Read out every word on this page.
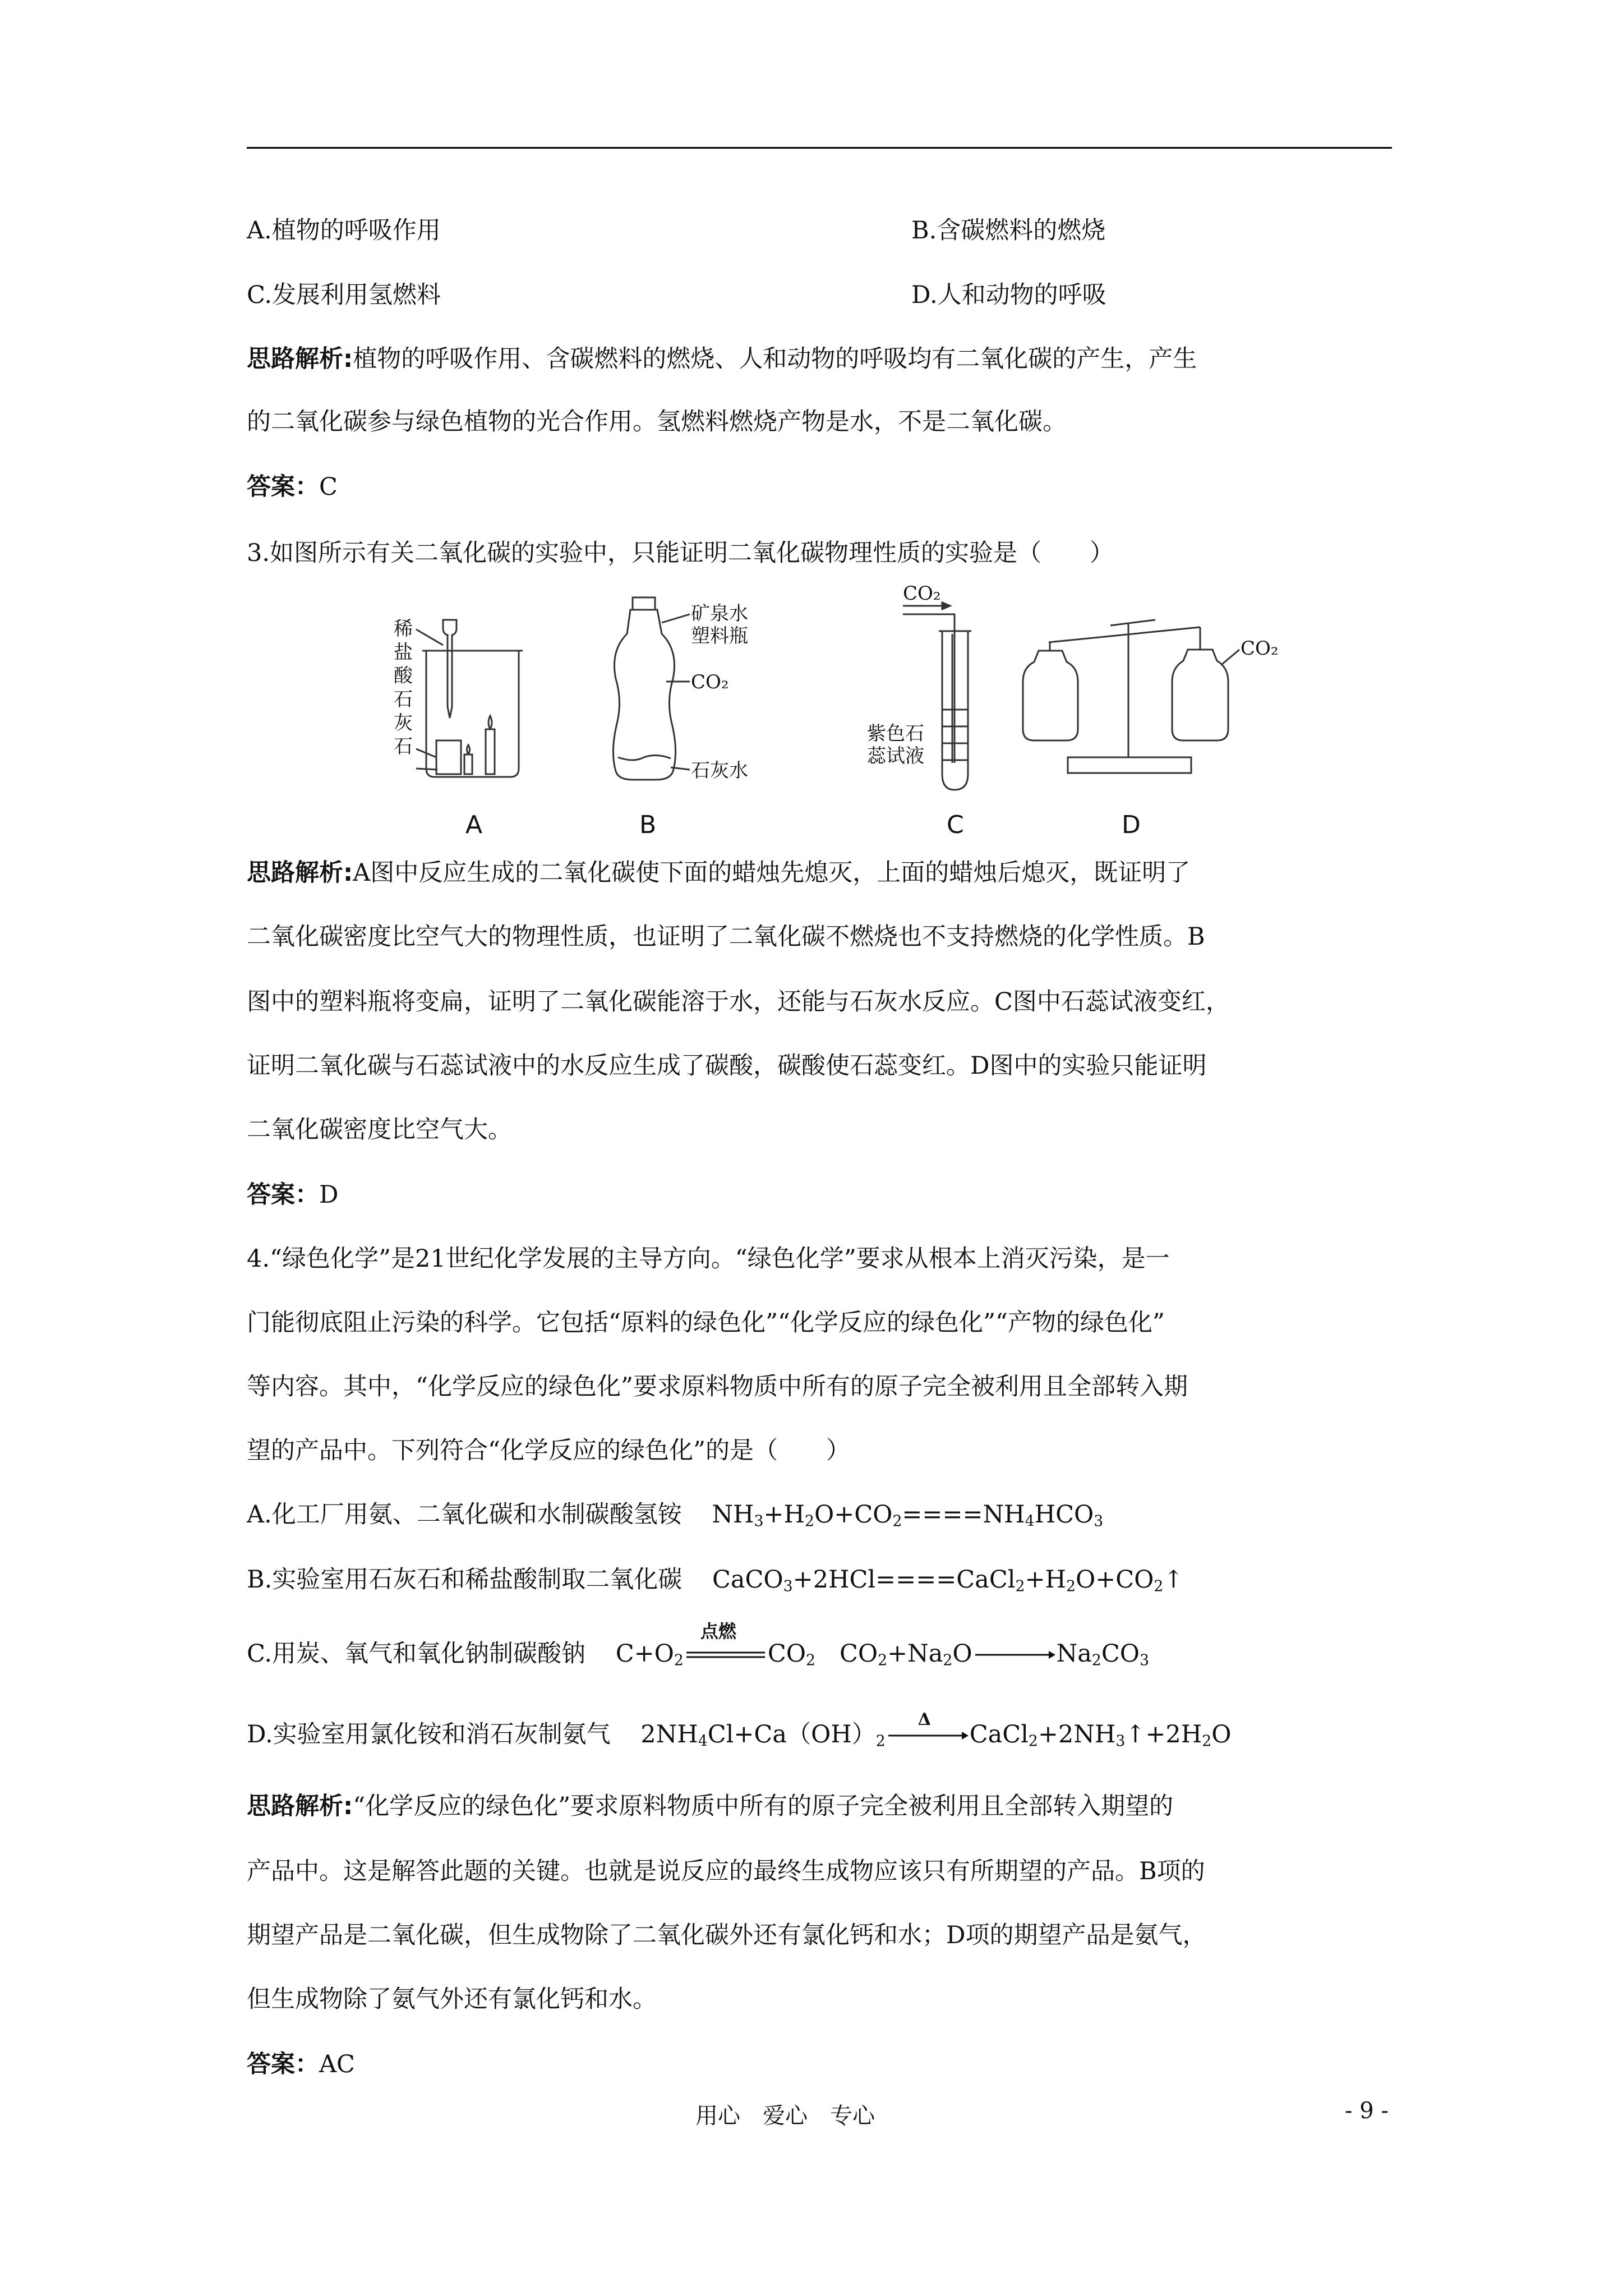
A.植物的呼吸作用	B.含碳燃料的燃烧
C.发展利用氢燃料	D.人和动物的呼吸
思路解析:植物的呼吸作用、含碳燃料的燃烧、人和动物的呼吸均有二氧化碳的产生，产生
的二氧化碳参与绿色植物的光合作用。氢燃料燃烧产物是水，不是二氧化碳。
答案：C
3.如图所示有关二氧化碳的实验中，只能证明二氧化碳物理性质的实验是（　　）
稀
盐
酸
石
灰
石
矿泉水
塑料瓶
CO₂
石灰水
CO₂
紫色石
蕊试液
CO₂
A	B	C	D
思路解析:A图中反应生成的二氧化碳使下面的蜡烛先熄灭，上面的蜡烛后熄灭，既证明了
二氧化碳密度比空气大的物理性质，也证明了二氧化碳不燃烧也不支持燃烧的化学性质。B
图中的塑料瓶将变扁，证明了二氧化碳能溶于水，还能与石灰水反应。C图中石蕊试液变红，
证明二氧化碳与石蕊试液中的水反应生成了碳酸，碳酸使石蕊变红。D图中的实验只能证明
二氧化碳密度比空气大。
答案：D
4.“绿色化学”是21世纪化学发展的主导方向。“绿色化学”要求从根本上消灭污染，是一
门能彻底阻止污染的科学。它包括“原料的绿色化”“化学反应的绿色化”“产物的绿色化”
等内容。其中，“化学反应的绿色化”要求原料物质中所有的原子完全被利用且全部转入期
望的产品中。下列符合“化学反应的绿色化”的是（　　）
A.化工厂用氨、二氧化碳和水制碳酸氢铵 $NH_3+H_2O+CO_2====NH_4HCO_3$
B.实验室用石灰石和稀盐酸制取二氧化碳 $CaCO_3+2HCl====CaCl_2+H_2O+CO_2↑$
C.用炭、氧气和氧化钠制碳酸钠 $C+O_2$
点燃
$CO_2$　$CO_2+Na_2O\to Na_2CO_3$
D.实验室用氯化铵和消石灰制氨气 $2NH_4Cl+Ca(OH)_2$
Δ
$CaCl_2+2NH_3↑+2H_2O$
思路解析:“化学反应的绿色化”要求原料物质中所有的原子完全被利用且全部转入期望的
产品中。这是解答此题的关键。也就是说反应的最终生成物应该只有所期望的产品。B项的
期望产品是二氧化碳，但生成物除了二氧化碳外还有氯化钙和水；D项的期望产品是氨气，
但生成物除了氨气外还有氯化钙和水。
答案：AC
用心　爱心　专心	- 9 -
